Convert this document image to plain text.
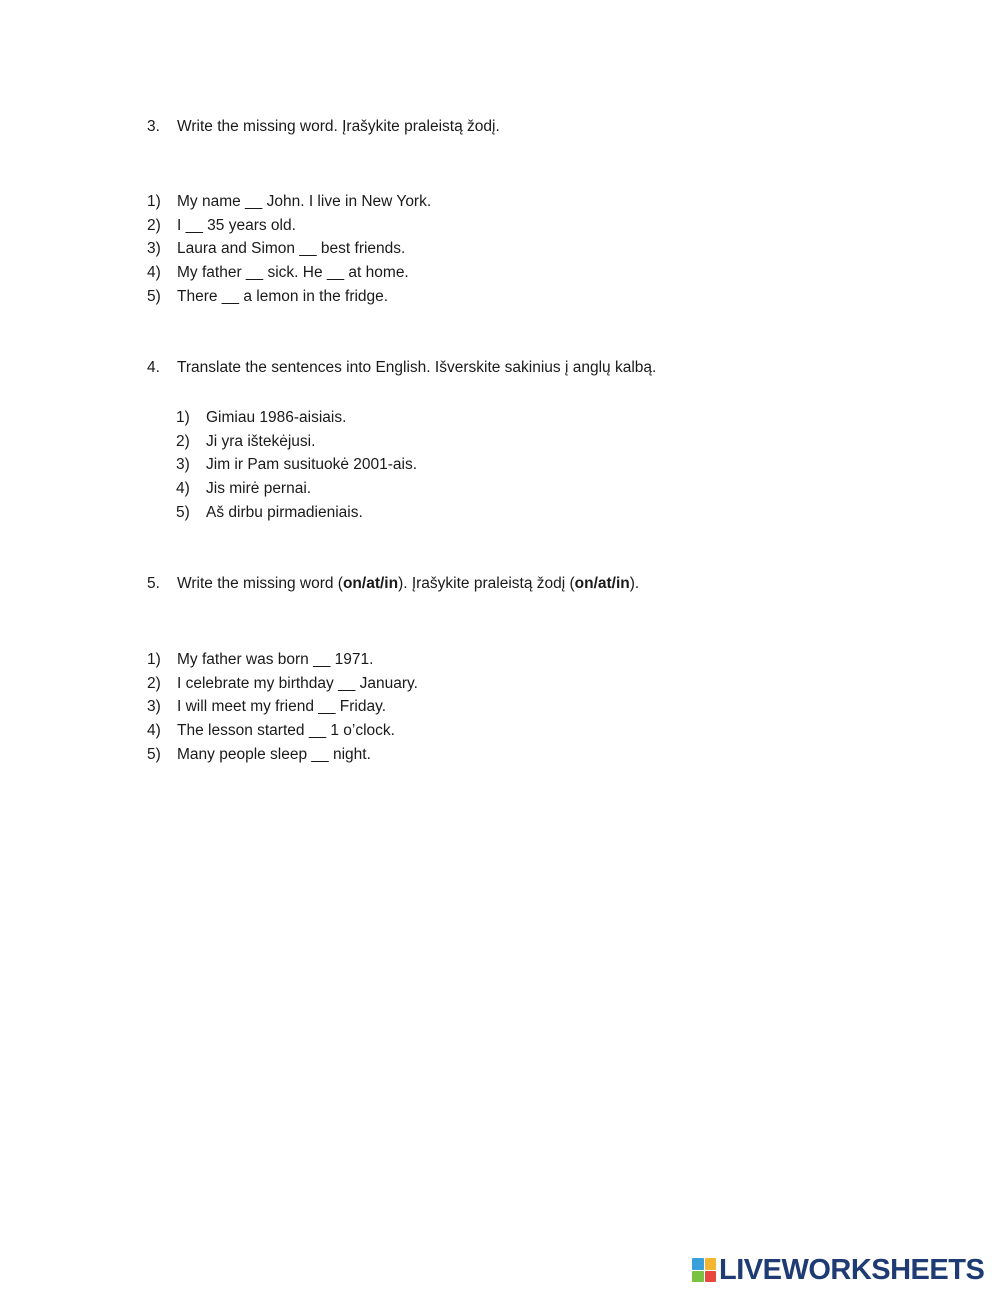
3. Write the missing word. Įrašykite praleistą žodį.
1) My name __ John. I live in New York.
2) I __ 35 years old.
3) Laura and Simon __ best friends.
4) My father __ sick. He __ at home.
5) There __ a lemon in the fridge.
4. Translate the sentences into English. Išverskite sakinius į anglų kalbą.
1) Gimiau 1986-aisiais.
2) Ji yra ištekėjusi.
3) Jim ir Pam susituokė 2001-ais.
4) Jis mirė pernai.
5) Aš dirbu pirmadieniais.
5. Write the missing word (on/at/in). Įrašykite praleistą žodį (on/at/in).
1) My father was born __ 1971.
2) I celebrate my birthday __ January.
3) I will meet my friend __ Friday.
4) The lesson started __ 1 o’clock.
5) Many people sleep __ night.
LIVEWORKSHEETS
